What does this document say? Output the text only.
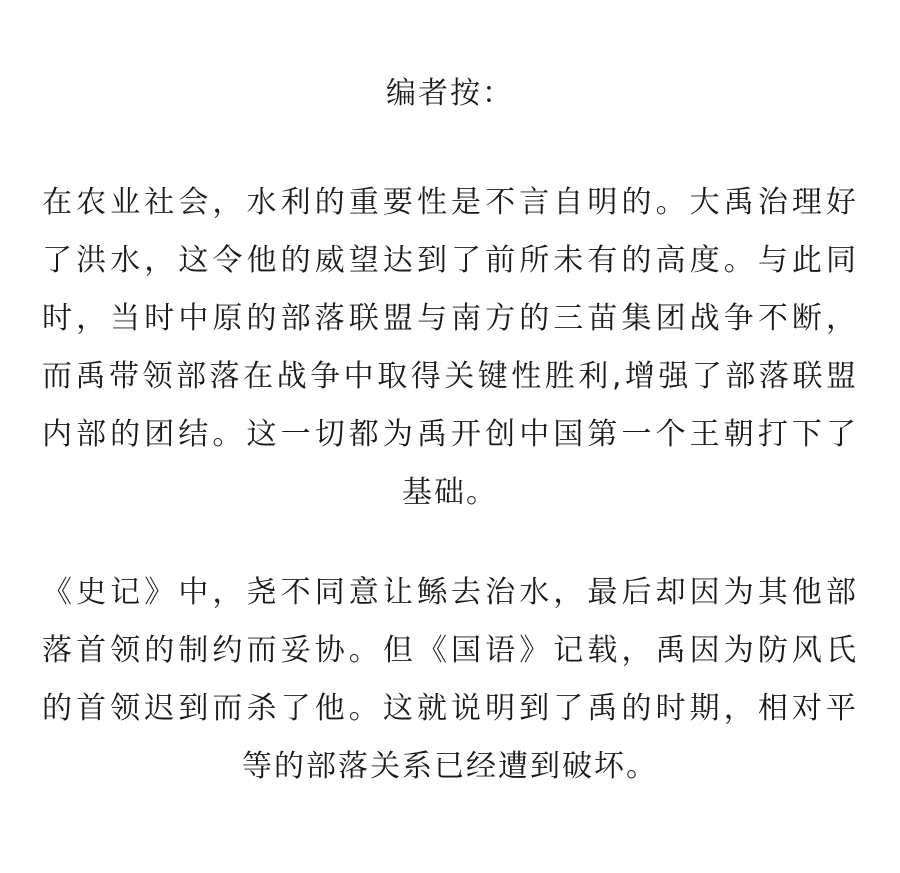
编者按：
在农业社会，水利的重要性是不言自明的。大禹治理好
了洪水，这令他的威望达到了前所未有的高度。与此同
时，当时中原的部落联盟与南方的三苗集团战争不断，
而禹带领部落在战争中取得关键性胜利,增强了部落联盟
内部的团结。这一切都为禹开创中国第一个王朝打下了
基础。
《史记》中，尧不同意让鲧去治水，最后却因为其他部
落首领的制约而妥协。但《国语》记载，禹因为防风氏
的首领迟到而杀了他。这就说明到了禹的时期，相对平
等的部落关系已经遭到破坏。
